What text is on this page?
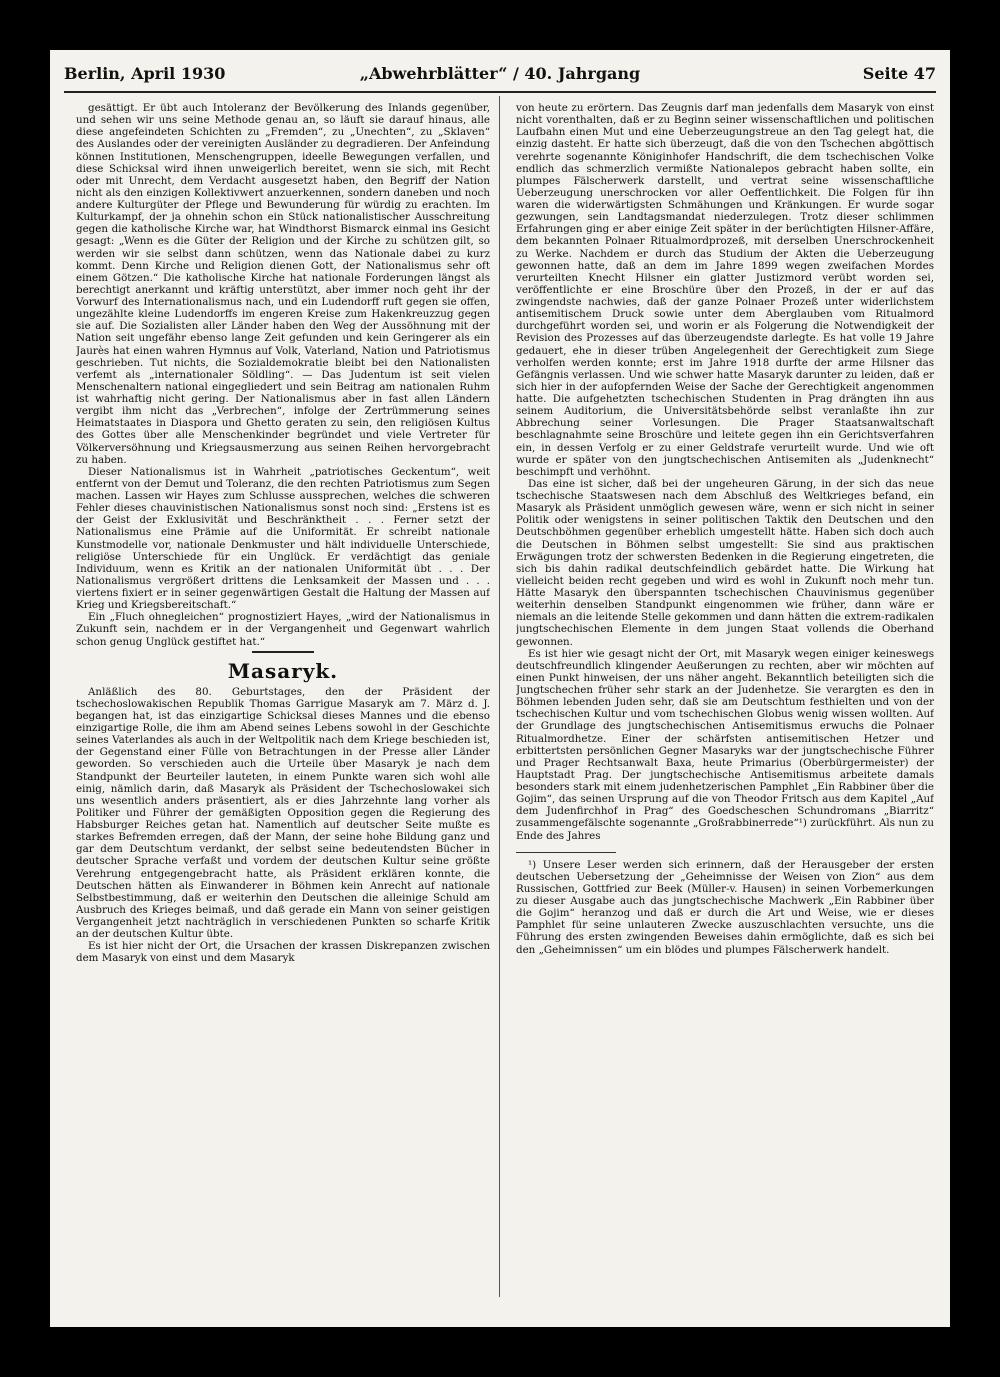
Berlin, April 1930	„Abwehrblätter“ / 40. Jahrgang	Seite 47

gesättigt. Er übt auch Intoleranz der Bevölkerung des Inlands gegenüber, und sehen wir uns seine Methode genau an, so läuft sie darauf hinaus, alle diese angefeindeten Schichten zu „Fremden“, zu „Unechten“, zu „Sklaven“ des Auslandes oder der vereinigten Ausländer zu degradieren. Der Anfeindung können Institutionen, Menschengruppen, ideelle Bewegungen verfallen, und diese Schicksal wird ihnen unweigerlich bereitet, wenn sie sich, mit Recht oder mit Unrecht, dem Verdacht ausgesetzt haben, den Begriff der Nation nicht als den einzigen Kollektivwert anzuerkennen, sondern daneben und noch andere Kulturgüter der Pflege und Bewunderung für würdig zu erachten. Im Kulturkampf, der ja ohnehin schon ein Stück nationalistischer Ausschreitung gegen die katholische Kirche war, hat Windthorst Bismarck einmal ins Gesicht gesagt: „Wenn es die Güter der Religion und der Kirche zu schützen gilt, so werden wir sie selbst dann schützen, wenn das Nationale dabei zu kurz kommt. Denn Kirche und Religion dienen Gott, der Nationalismus sehr oft einem Götzen.“ Die katholische Kirche hat nationale Forderungen längst als berechtigt anerkannt und kräftig unterstützt, aber immer noch geht ihr der Vorwurf des Internationalismus nach, und ein Ludendorff ruft gegen sie offen, ungezählte kleine Ludendorffs im engeren Kreise zum Hakenkreuzzug gegen sie auf. Die Sozialisten aller Länder haben den Weg der Aussöhnung mit der Nation seit ungefähr ebenso lange Zeit gefunden und kein Geringerer als ein Jaurès hat einen wahren Hymnus auf Volk, Vaterland, Nation und Patriotismus geschrieben. Tut nichts, die Sozialdemokratie bleibt bei den Nationalisten verfemt als „internationaler Söldling“. — Das Judentum ist seit vielen Menschenaltern national eingegliedert und sein Beitrag am nationalen Ruhm ist wahrhaftig nicht gering. Der Nationalismus aber in fast allen Ländern vergibt ihm nicht das „Verbrechen“, infolge der Zertrümmerung seines Heimatstaates in Diaspora und Ghetto geraten zu sein, den religiösen Kultus des Gottes über alle Menschenkinder begründet und viele Vertreter für Völkerversöhnung und Kriegsausmerzung aus seinen Reihen hervorgebracht zu haben.

Dieser Nationalismus ist in Wahrheit „patriotisches Geckentum“, weit entfernt von der Demut und Toleranz, die den rechten Patriotismus zum Segen machen. Lassen wir Hayes zum Schlusse aussprechen, welches die schweren Fehler dieses chauvinistischen Nationalismus sonst noch sind: „Erstens ist es der Geist der Exklusivität und Beschränktheit . . . Ferner setzt der Nationalismus eine Prämie auf die Uniformität. Er schreibt nationale Kunstmodelle vor, nationale Denkmuster und hält individuelle Unterschiede, religiöse Unterschiede für ein Unglück. Er verdächtigt das geniale Individuum, wenn es Kritik an der nationalen Uniformität übt . . . Der Nationalismus vergrößert drittens die Lenksamkeit der Massen und . . . viertens fixiert er in seiner gegenwärtigen Gestalt die Haltung der Massen auf Krieg und Kriegsbereitschaft.“

Ein „Fluch ohnegleichen“ prognostiziert Hayes, „wird der Nationalismus in Zukunft sein, nachdem er in der Vergangenheit und Gegenwart wahrlich schon genug Unglück gestiftet hat.“

Masaryk.

Anläßlich des 80. Geburtstages, den der Präsident der tschechoslowakischen Republik Thomas Garrigue Masaryk am 7. März d. J. begangen hat, ist das einzigartige Schicksal dieses Mannes und die ebenso einzigartige Rolle, die ihm am Abend seines Lebens sowohl in der Geschichte seines Vaterlandes als auch in der Weltpolitik nach dem Kriege beschieden ist, der Gegenstand einer Fülle von Betrachtungen in der Presse aller Länder geworden. So verschieden auch die Urteile über Masaryk je nach dem Standpunkt der Beurteiler lauteten, in einem Punkte waren sich wohl alle einig, nämlich darin, daß Masaryk als Präsident der Tschechoslowakei sich uns wesentlich anders präsentiert, als er dies Jahrzehnte lang vorher als Politiker und Führer der gemäßigten Opposition gegen die Regierung des Habsburger Reiches getan hat. Namentlich auf deutscher Seite mußte es starkes Befremden erregen, daß der Mann, der seine hohe Bildung ganz und gar dem Deutschtum verdankt, der selbst seine bedeutendsten Bücher in deutscher Sprache verfaßt und vordem der deutschen Kultur seine größte Verehrung entgegengebracht hatte, als Präsident erklären konnte, die Deutschen hätten als Einwanderer in Böhmen kein Anrecht auf nationale Selbstbestimmung, daß er weiterhin den Deutschen die alleinige Schuld am Ausbruch des Krieges beimaß, und daß gerade ein Mann von seiner geistigen Vergangenheit jetzt nachträglich in verschiedenen Punkten so scharfe Kritik an der deutschen Kultur übte.

Es ist hier nicht der Ort, die Ursachen der krassen Diskrepanzen zwischen dem Masaryk von einst und dem Masaryk

von heute zu erörtern. Das Zeugnis darf man jedenfalls dem Masaryk von einst nicht vorenthalten, daß er zu Beginn seiner wissenschaftlichen und politischen Laufbahn einen Mut und eine Ueberzeugungstreue an den Tag gelegt hat, die einzig dasteht. Er hatte sich überzeugt, daß die von den Tschechen abgöttisch verehrte sogenannte Königinhofer Handschrift, die dem tschechischen Volke endlich das schmerzlich vermißte Nationalepos gebracht haben sollte, ein plumpes Fälscherwerk darstellt, und vertrat seine wissenschaftliche Ueberzeugung unerschrocken vor aller Oeffentlichkeit. Die Folgen für ihn waren die widerwärtigsten Schmähungen und Kränkungen. Er wurde sogar gezwungen, sein Landtagsmandat niederzulegen. Trotz dieser schlimmen Erfahrungen ging er aber einige Zeit später in der berüchtigten Hilsner-Affäre, dem bekannten Polnaer Ritualmordprozeß, mit derselben Unerschrockenheit zu Werke. Nachdem er durch das Studium der Akten die Ueberzeugung gewonnen hatte, daß an dem im Jahre 1899 wegen zweifachen Mordes verurteilten Knecht Hilsner ein glatter Justizmord verübt worden sei, veröffentlichte er eine Broschüre über den Prozeß, in der er auf das zwingendste nachwies, daß der ganze Polnaer Prozeß unter widerlichstem antisemitischem Druck sowie unter dem Aberglauben vom Ritualmord durchgeführt worden sei, und worin er als Folgerung die Notwendigkeit der Revision des Prozesses auf das überzeugendste darlegte. Es hat volle 19 Jahre gedauert, ehe in dieser trüben Angelegenheit der Gerechtigkeit zum Siege verholfen werden konnte; erst im Jahre 1918 durfte der arme Hilsner das Gefängnis verlassen. Und wie schwer hatte Masaryk darunter zu leiden, daß er sich hier in der aufopfernden Weise der Sache der Gerechtigkeit angenommen hatte. Die aufgehetzten tschechischen Studenten in Prag drängten ihn aus seinem Auditorium, die Universitätsbehörde selbst veranlaßte ihn zur Abbrechung seiner Vorlesungen. Die Prager Staatsanwaltschaft beschlagnahmte seine Broschüre und leitete gegen ihn ein Gerichtsverfahren ein, in dessen Verfolg er zu einer Geldstrafe verurteilt wurde. Und wie oft wurde er später von den jungtschechischen Antisemiten als „Judenknecht“ beschimpft und verhöhnt.

Das eine ist sicher, daß bei der ungeheuren Gärung, in der sich das neue tschechische Staatswesen nach dem Abschluß des Weltkrieges befand, ein Masaryk als Präsident unmöglich gewesen wäre, wenn er sich nicht in seiner Politik oder wenigstens in seiner politischen Taktik den Deutschen und den Deutschböhmen gegenüber erheblich umgestellt hätte. Haben sich doch auch die Deutschen in Böhmen selbst umgestellt: Sie sind aus praktischen Erwägungen trotz der schwersten Bedenken in die Regierung eingetreten, die sich bis dahin radikal deutschfeindlich gebärdet hatte. Die Wirkung hat vielleicht beiden recht gegeben und wird es wohl in Zukunft noch mehr tun. Hätte Masaryk den überspannten tschechischen Chauvinismus gegenüber weiterhin denselben Standpunkt eingenommen wie früher, dann wäre er niemals an die leitende Stelle gekommen und dann hätten die extrem-radikalen jungtschechischen Elemente in dem jungen Staat vollends die Oberhand gewonnen.

Es ist hier wie gesagt nicht der Ort, mit Masaryk wegen einiger keineswegs deutschfreundlich klingender Aeußerungen zu rechten, aber wir möchten auf einen Punkt hinweisen, der uns näher angeht. Bekanntlich beteiligten sich die Jungtschechen früher sehr stark an der Judenhetze. Sie verargten es den in Böhmen lebenden Juden sehr, daß sie am Deutschtum festhielten und von der tschechischen Kultur und vom tschechischen Globus wenig wissen wollten. Auf der Grundlage des jungtschechischen Antisemitismus erwuchs die Polnaer Ritualmordhetze. Einer der schärfsten antisemitischen Hetzer und erbittertsten persönlichen Gegner Masaryks war der jungtschechische Führer und Prager Rechtsanwalt Baxa, heute Primarius (Oberbürgermeister) der Hauptstadt Prag. Der jungtschechische Antisemitismus arbeitete damals besonders stark mit einem judenhetzerischen Pamphlet „Ein Rabbiner über die Gojim“, das seinen Ursprung auf die von Theodor Fritsch aus dem Kapitel „Auf dem Judenfirchhof in Prag“ des Goedscheschen Schundromans „Biarritz“ zusammengefälschte sogenannte „Großrabbinerrede“¹) zurückführt. Als nun zu Ende des Jahres

¹) Unsere Leser werden sich erinnern, daß der Herausgeber der ersten deutschen Uebersetzung der „Geheimnisse der Weisen von Zion“ aus dem Russischen, Gottfried zur Beek (Müller-v. Hausen) in seinen Vorbemerkungen zu dieser Ausgabe auch das jungtschechische Machwerk „Ein Rabbiner über die Gojim“ heranzog und daß er durch die Art und Weise, wie er dieses Pamphlet für seine unlauteren Zwecke auszuschlachten versuchte, uns die Führung des ersten zwingenden Beweises dahin ermöglichte, daß es sich bei den „Geheimnissen“ um ein blödes und plumpes Fälscherwerk handelt.
